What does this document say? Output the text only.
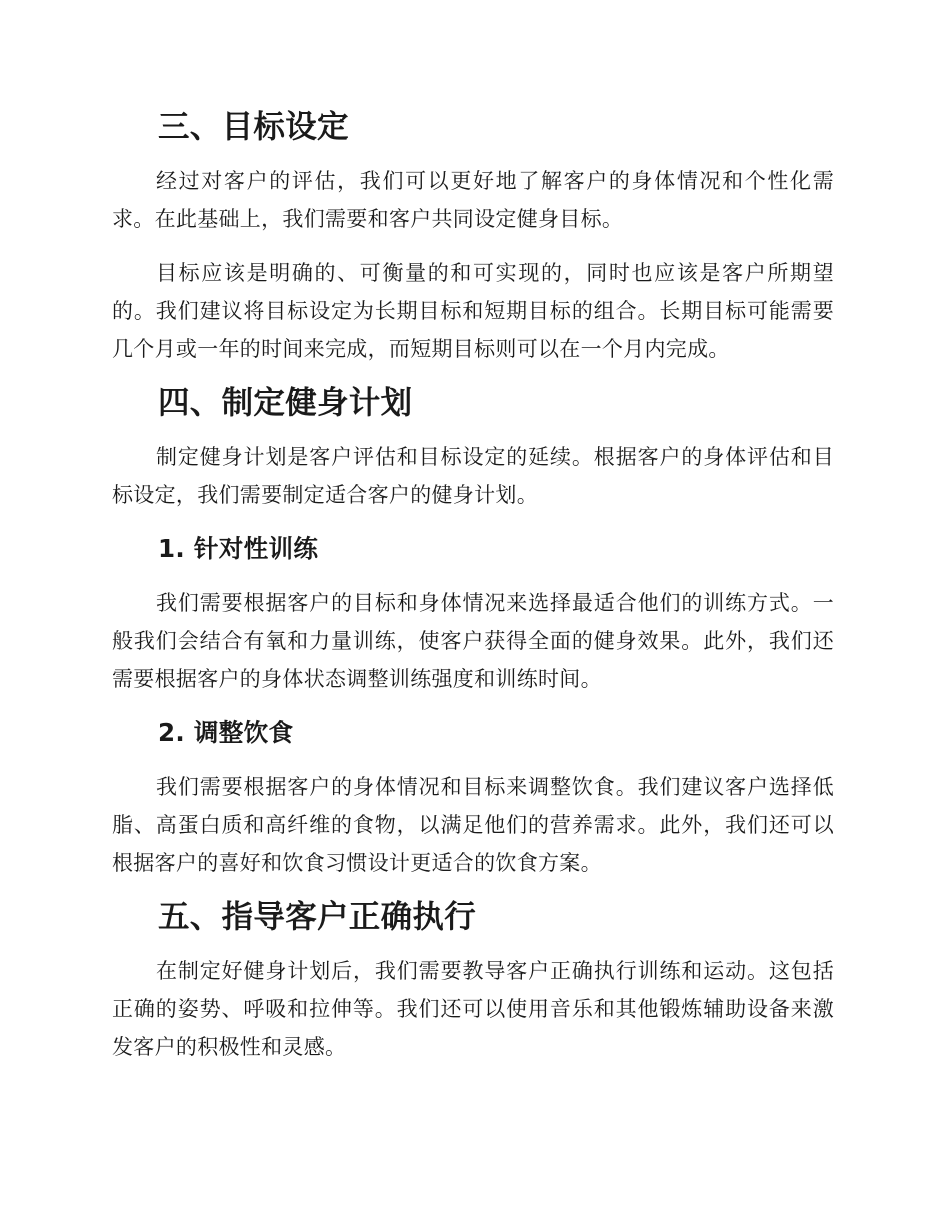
三、目标设定

经过对客户的评估，我们可以更好地了解客户的身体情况和个性化需求。在此基础上，我们需要和客户共同设定健身目标。

目标应该是明确的、可衡量的和可实现的，同时也应该是客户所期望的。我们建议将目标设定为长期目标和短期目标的组合。长期目标可能需要几个月或一年的时间来完成，而短期目标则可以在一个月内完成。

四、制定健身计划

制定健身计划是客户评估和目标设定的延续。根据客户的身体评估和目标设定，我们需要制定适合客户的健身计划。

1. 针对性训练

我们需要根据客户的目标和身体情况来选择最适合他们的训练方式。一般我们会结合有氧和力量训练，使客户获得全面的健身效果。此外，我们还需要根据客户的身体状态调整训练强度和训练时间。

2. 调整饮食

我们需要根据客户的身体情况和目标来调整饮食。我们建议客户选择低脂、高蛋白质和高纤维的食物，以满足他们的营养需求。此外，我们还可以根据客户的喜好和饮食习惯设计更适合的饮食方案。

五、指导客户正确执行

在制定好健身计划后，我们需要教导客户正确执行训练和运动。这包括正确的姿势、呼吸和拉伸等。我们还可以使用音乐和其他锻炼辅助设备来激发客户的积极性和灵感。
